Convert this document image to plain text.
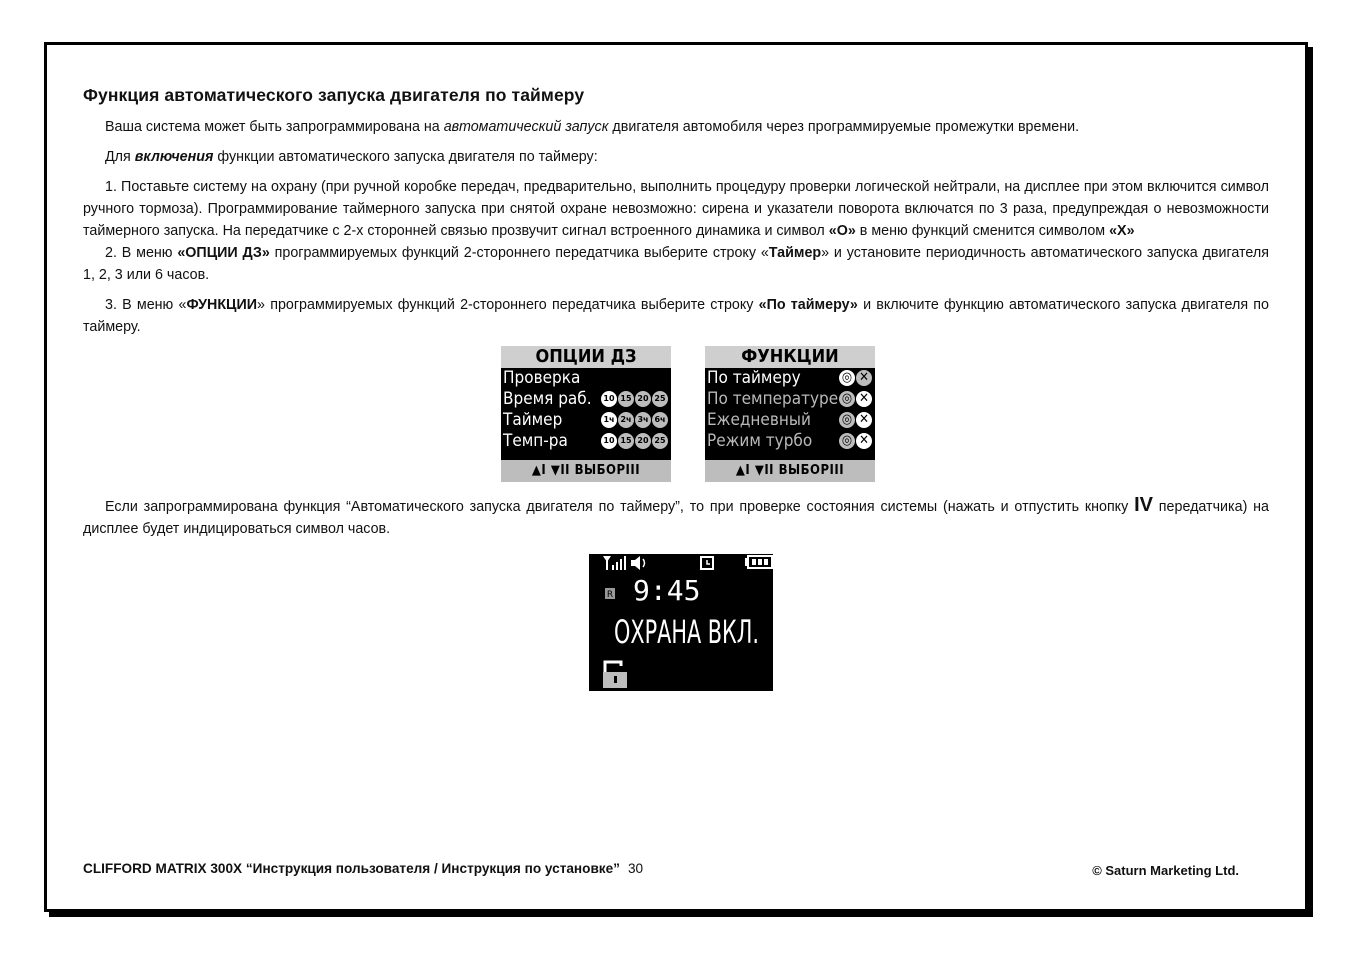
Функция автоматического запуска двигателя по таймеру

Ваша система может быть запрограммирована на автоматический запуск двигателя автомобиля через программируемые промежутки времени.

Для включения функции автоматического запуска двигателя по таймеру:

1. Поставьте систему на охрану (при ручной коробке передач, предварительно, выполнить процедуру проверки логической нейтрали, на дисплее при этом включится символ ручного тормоза). Программирование таймерного запуска при снятой охране невозможно: сирена и указатели поворота включатся по 3 раза, предупреждая о невозможности таймерного запуска. На передатчике с 2-х сторонней связью прозвучит сигнал встроенного динамика и символ «О» в меню функций сменится символом «Х»

2. В меню «ОПЦИИ ДЗ» программируемых функций 2-стороннего передатчика выберите строку «Таймер» и установите периодичность автоматического запуска двигателя 1, 2, 3 или 6 часов.

3. В меню «ФУНКЦИИ» программируемых функций 2-стороннего передатчика выберите строку «По таймеру» и включите функцию автоматического запуска двигателя по таймеру.

ОПЦИИ ДЗ
Проверка
Время раб.	10 15 20 25
Таймер	1ч 2ч 3ч 6ч
Темп-ра	10 15 20 25
▲I ▼II ВЫБОРIII
ФУНКЦИИ
По таймеру	◎ ✕
По температуре ◎ ✕
Ежедневный ◎ ✕
Режим турбо ◎ ✕
▲I ▼II ВЫБОРIII

Если запрограммирована функция “Автоматического запуска двигателя по таймеру”, то при проверке состояния системы (нажать и отпустить кнопку IV передатчика) на дисплее будет индицироваться символ часов.

R 9:45
ОХРАНА ВКЛ.
CLIFFORD MATRIX 300X “Инструкция пользователя / Инструкция по установке” 30	© Saturn Marketing Ltd.
